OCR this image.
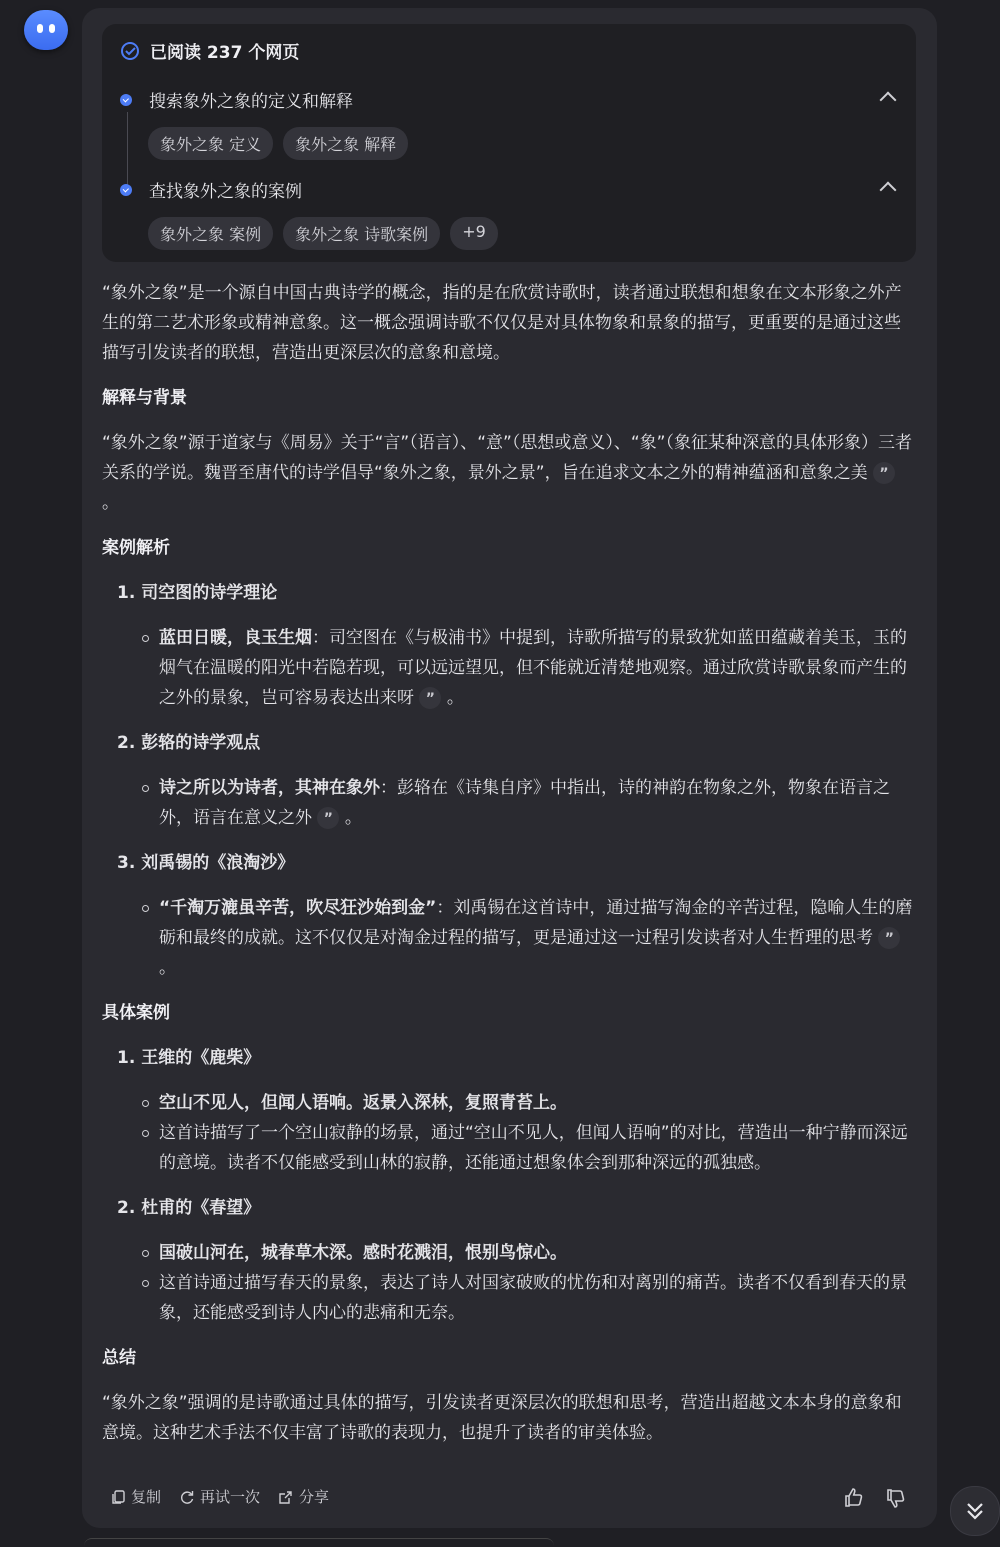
已阅读 237 个网页
搜索象外之象的定义和解释
象外之象 定义	象外之象 解释
查找象外之象的案例
象外之象 案例	象外之象 诗歌案例	+9

“象外之象”是一个源自中国古典诗学的概念，指的是在欣赏诗歌时，读者通过联想和想象在文本形象之外产生的第二艺术形象或精神意象。这一概念强调诗歌不仅仅是对具体物象和景象的描写，更重要的是通过这些描写引发读者的联想，营造出更深层次的意象和意境。

解释与背景

“象外之象”源于道家与《周易》关于“言”（语言）、“意”（思想或意义）、“象”（象征某种深意的具体形象）三者关系的学说。魏晋至唐代的诗学倡导“象外之象，景外之景”，旨在追求文本之外的精神蕴涵和意象之美 ” 。

案例解析

1. 司空图的诗学理论

蓝田日暖，良玉生烟：司空图在《与极浦书》中提到，诗歌所描写的景致犹如蓝田蕴藏着美玉，玉的烟气在温暖的阳光中若隐若现，可以远远望见，但不能就近清楚地观察。通过欣赏诗歌景象而产生的之外的景象，岂可容易表达出来呀 ” 。

2. 彭辂的诗学观点

诗之所以为诗者，其神在象外：彭辂在《诗集自序》中指出，诗的神韵在物象之外，物象在语言之外，语言在意义之外 ” 。

3. 刘禹锡的《浪淘沙》

“千淘万漉虽辛苦，吹尽狂沙始到金”：刘禹锡在这首诗中，通过描写淘金的辛苦过程，隐喻人生的磨砺和最终的成就。这不仅仅是对淘金过程的描写，更是通过这一过程引发读者对人生哲理的思考 ” 。

具体案例

1. 王维的《鹿柴》

空山不见人，但闻人语响。返景入深林，复照青苔上。

这首诗描写了一个空山寂静的场景，通过“空山不见人，但闻人语响”的对比，营造出一种宁静而深远的意境。读者不仅能感受到山林的寂静，还能通过想象体会到那种深远的孤独感。

2. 杜甫的《春望》

国破山河在，城春草木深。感时花溅泪，恨别鸟惊心。

这首诗通过描写春天的景象，表达了诗人对国家破败的忧伤和对离别的痛苦。读者不仅看到春天的景象，还能感受到诗人内心的悲痛和无奈。

总结

“象外之象”强调的是诗歌通过具体的描写，引发读者更深层次的联想和思考，营造出超越文本本身的意象和意境。这种艺术手法不仅丰富了诗歌的表现力，也提升了读者的审美体验。

复制	再试一次	分享
